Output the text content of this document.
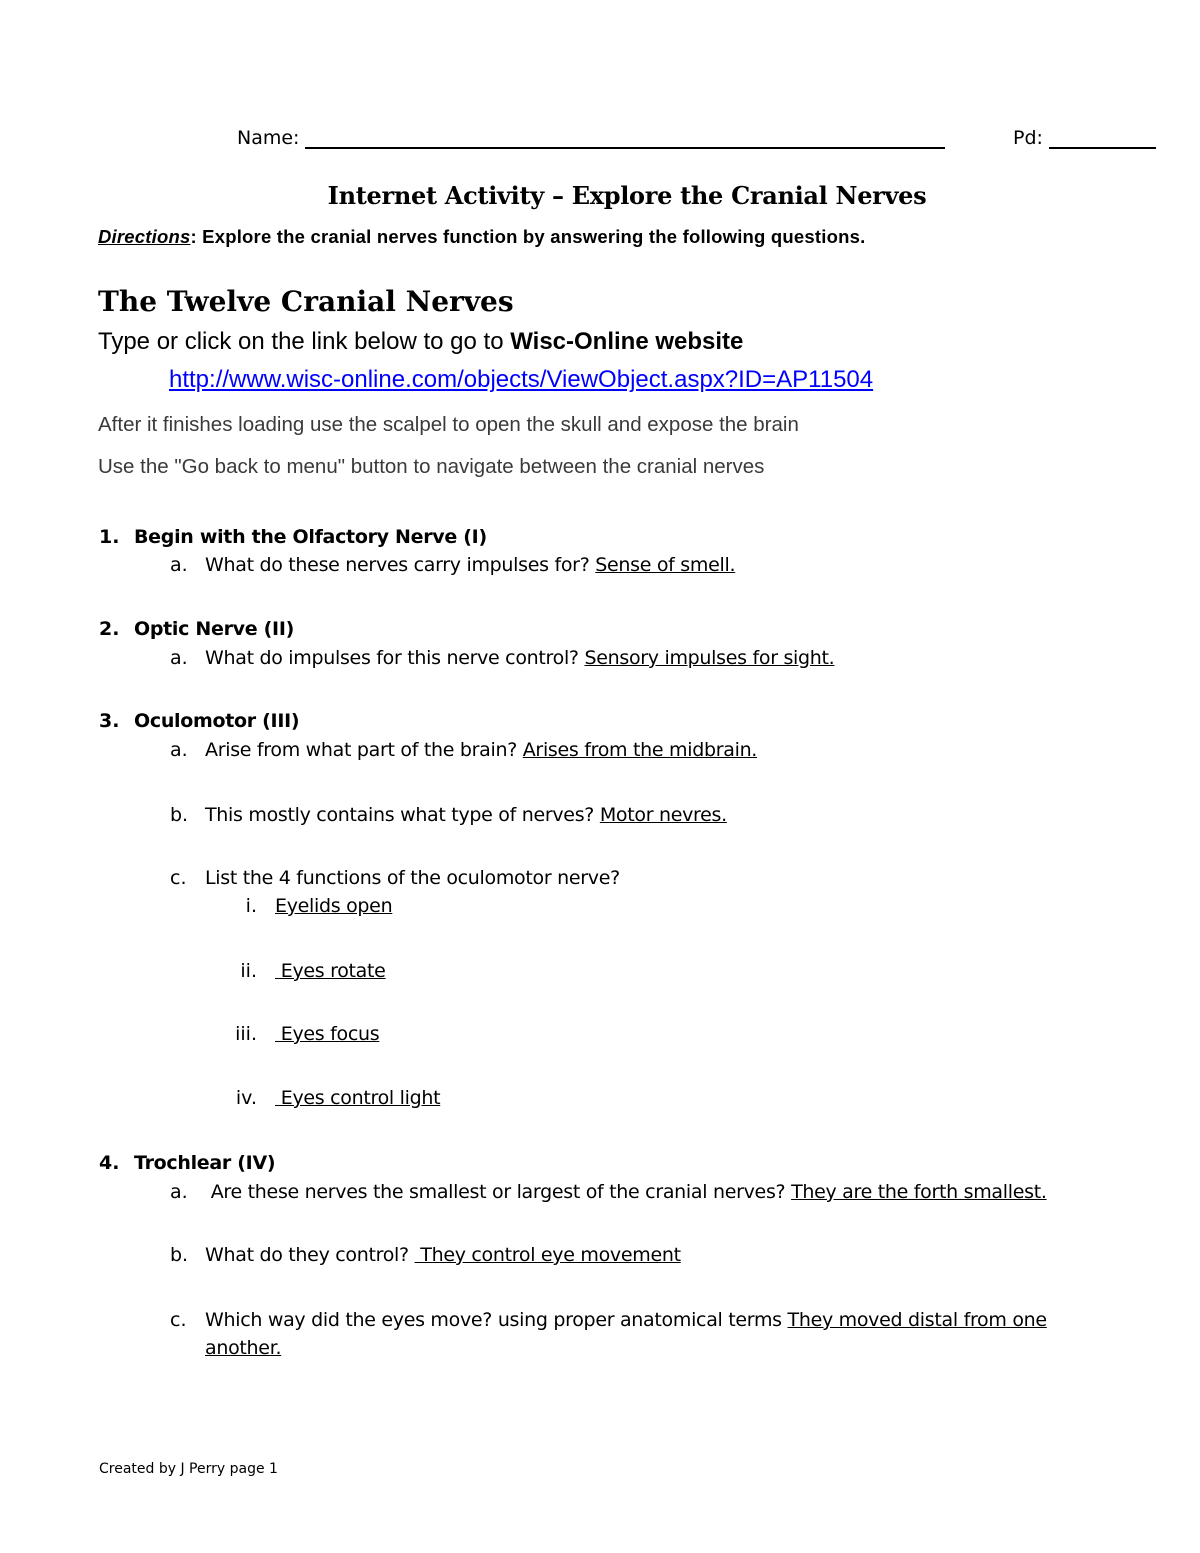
Name:	Pd:
Internet Activity – Explore the Cranial Nerves
Directions: Explore the cranial nerves function by answering the following questions.
The Twelve Cranial Nerves
Type or click on the link below to go to Wisc-Online website
http://www.wisc-online.com/objects/ViewObject.aspx?ID=AP11504
After it finishes loading use the scalpel to open the skull and expose the brain
Use the "Go back to menu" button to navigate between the cranial nerves
1. Begin with the Olfactory Nerve (I)
a. What do these nerves carry impulses for? Sense of smell.
2. Optic Nerve (II)
a. What do impulses for this nerve control? Sensory impulses for sight.
3. Oculomotor (III)
a. Arise from what part of the brain? Arises from the midbrain.
b. This mostly contains what type of nerves? Motor nevres.
c. List the 4 functions of the oculomotor nerve?
i. Eyelids open
ii. Eyes rotate
iii. Eyes focus
iv. Eyes control light
4. Trochlear (IV)
a. Are these nerves the smallest or largest of the cranial nerves? They are the forth smallest.
b. What do they control?  They control eye movement
c. Which way did the eyes move? using proper anatomical terms They moved distal from one
another.
Created by J Perry page 1
